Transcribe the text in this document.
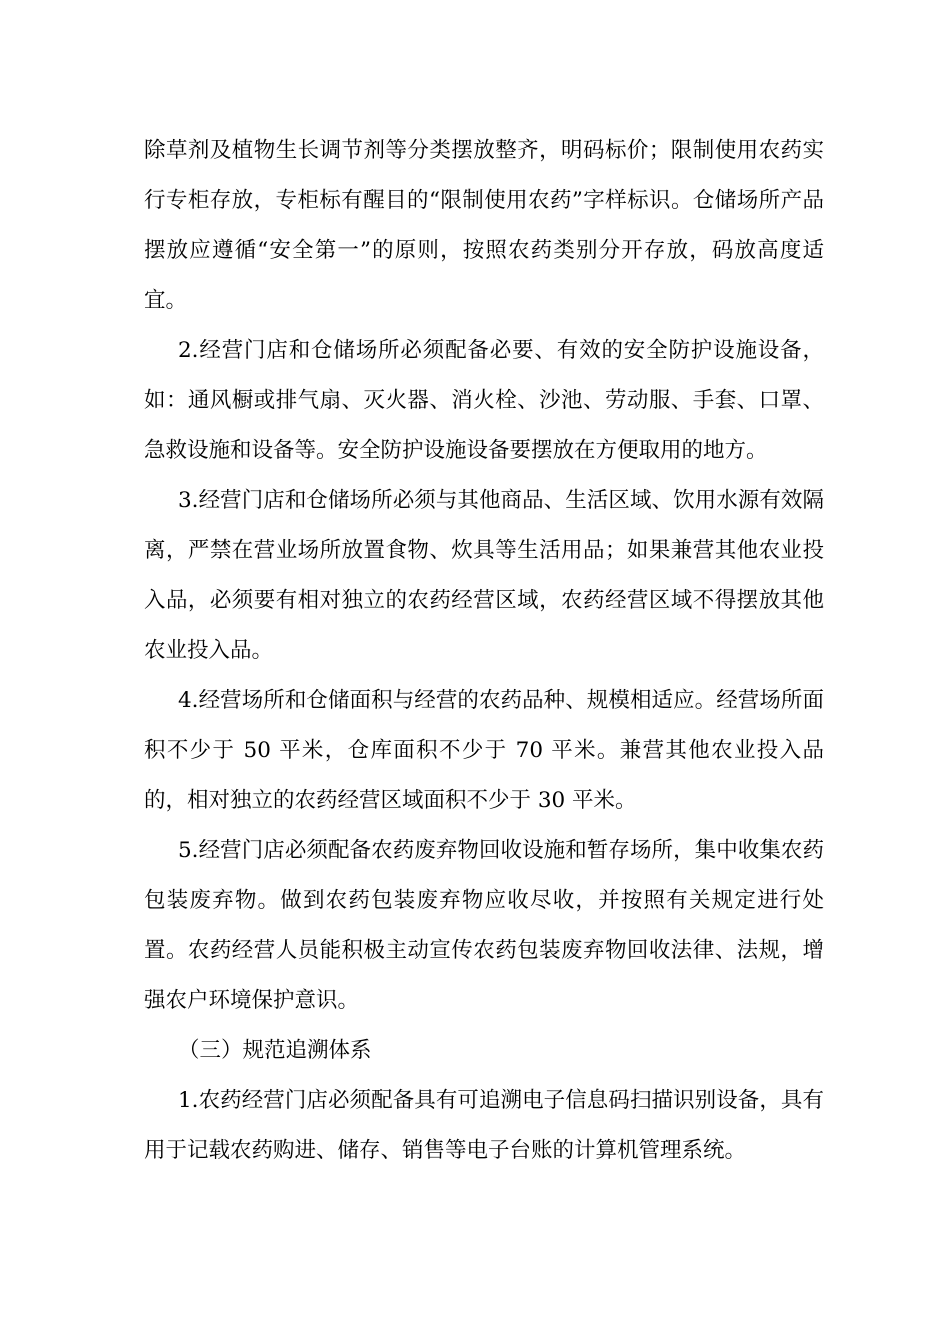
除草剂及植物生长调节剂等分类摆放整齐，明码标价；限制使用农药实行专柜存放，专柜标有醒目的“限制使用农药”字样标识。仓储场所产品摆放应遵循“安全第一”的原则，按照农药类别分开存放，码放高度适宜。

2.经营门店和仓储场所必须配备必要、有效的安全防护设施设备，如：通风橱或排气扇、灭火器、消火栓、沙池、劳动服、手套、口罩、急救设施和设备等。安全防护设施设备要摆放在方便取用的地方。

3.经营门店和仓储场所必须与其他商品、生活区域、饮用水源有效隔离，严禁在营业场所放置食物、炊具等生活用品；如果兼营其他农业投入品，必须要有相对独立的农药经营区域，农药经营区域不得摆放其他农业投入品。

4.经营场所和仓储面积与经营的农药品种、规模相适应。经营场所面积不少于 50 平米，仓库面积不少于 70 平米。兼营其他农业投入品的，相对独立的农药经营区域面积不少于 30 平米。

5.经营门店必须配备农药废弃物回收设施和暂存场所，集中收集农药包装废弃物。做到农药包装废弃物应收尽收，并按照有关规定进行处置。农药经营人员能积极主动宣传农药包装废弃物回收法律、法规，增强农户环境保护意识。

（三）规范追溯体系

1.农药经营门店必须配备具有可追溯电子信息码扫描识别设备，具有用于记载农药购进、储存、销售等电子台账的计算机管理系统。
